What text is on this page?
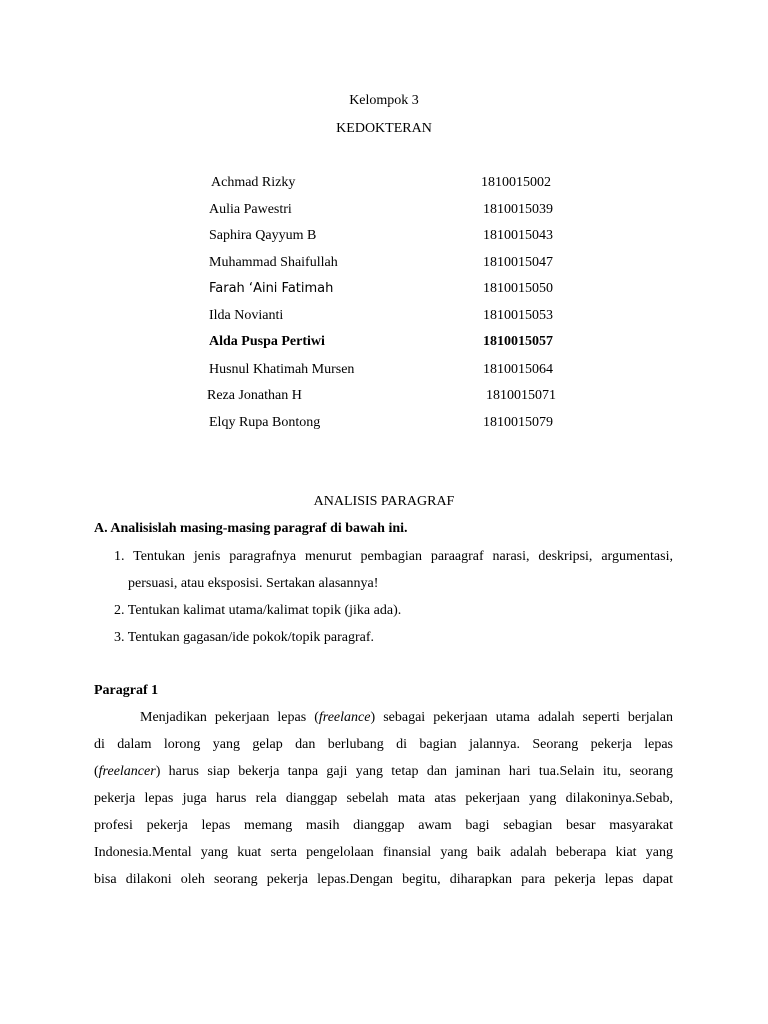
Kelompok 3
KEDOKTERAN
Achmad Rizky	1810015002
Aulia Pawestri	1810015039
Saphira Qayyum B	1810015043
Muhammad Shaifullah	1810015047
Farah ‘Aini Fatimah	1810015050
Ilda Novianti	1810015053
Alda Puspa Pertiwi	1810015057
Husnul Khatimah Mursen	1810015064
Reza Jonathan H	1810015071
Elqy Rupa Bontong	1810015079
ANALISIS PARAGRAF
A. Analisislah masing-masing paragraf di bawah ini.
1. Tentukan jenis paragrafnya menurut pembagian paraagraf narasi, deskripsi, argumentasi,
persuasi, atau eksposisi. Sertakan alasannya!
2. Tentukan kalimat utama/kalimat topik (jika ada).
3. Tentukan gagasan/ide pokok/topik paragraf.
Paragraf 1
Menjadikan pekerjaan lepas (freelance) sebagai pekerjaan utama adalah seperti berjalan
di dalam lorong yang gelap dan berlubang di bagian jalannya. Seorang pekerja lepas
(freelancer) harus siap bekerja tanpa gaji yang tetap dan jaminan hari tua.Selain itu, seorang
pekerja lepas juga harus rela dianggap sebelah mata atas pekerjaan yang dilakoninya.Sebab,
profesi pekerja lepas memang masih dianggap awam bagi sebagian besar masyarakat
Indonesia.Mental yang kuat serta pengelolaan finansial yang baik adalah beberapa kiat yang
bisa dilakoni oleh seorang pekerja lepas.Dengan begitu, diharapkan para pekerja lepas dapat
